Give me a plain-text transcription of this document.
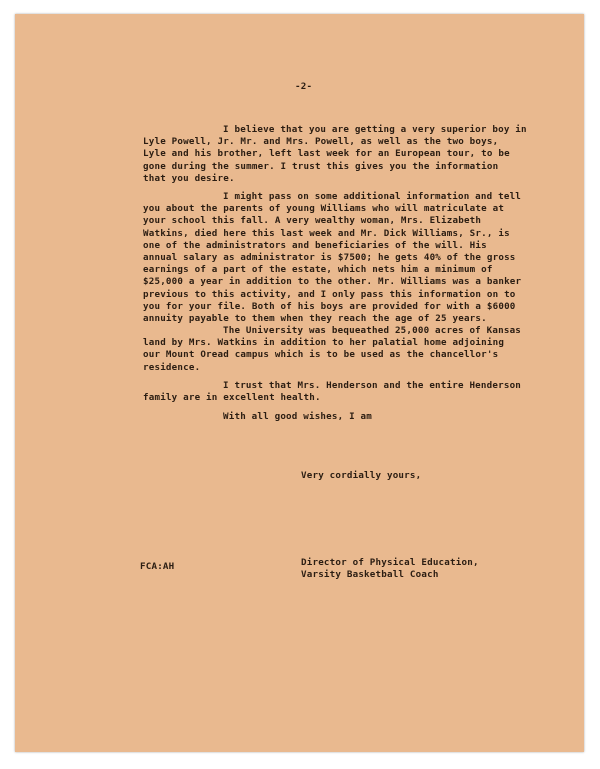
-2-
I believe that you are getting a very superior boy in
Lyle Powell, Jr. Mr. and Mrs. Powell, as well as the two boys,
Lyle and his brother, left last week for an European tour, to be
gone during the summer. I trust this gives you the information
that you desire.
I might pass on some additional information and tell
you about the parents of young Williams who will matriculate at
your school this fall. A very wealthy woman, Mrs. Elizabeth
Watkins, died here this last week and Mr. Dick Williams, Sr., is
one of the administrators and beneficiaries of the will. His
annual salary as administrator is $7500; he gets 40% of the gross
earnings of a part of the estate, which nets him a minimum of
$25,000 a year in addition to the other. Mr. Williams was a banker
previous to this activity, and I only pass this information on to
you for your file. Both of his boys are provided for with a $6000
annuity payable to them when they reach the age of 25 years.
The University was bequeathed 25,000 acres of Kansas
land by Mrs. Watkins in addition to her palatial home adjoining
our Mount Oread campus which is to be used as the chancellor's
residence.
I trust that Mrs. Henderson and the entire Henderson
family are in excellent health.
With all good wishes, I am
Very cordially yours,
Director of Physical Education,
Varsity Basketball Coach
FCA:AH
